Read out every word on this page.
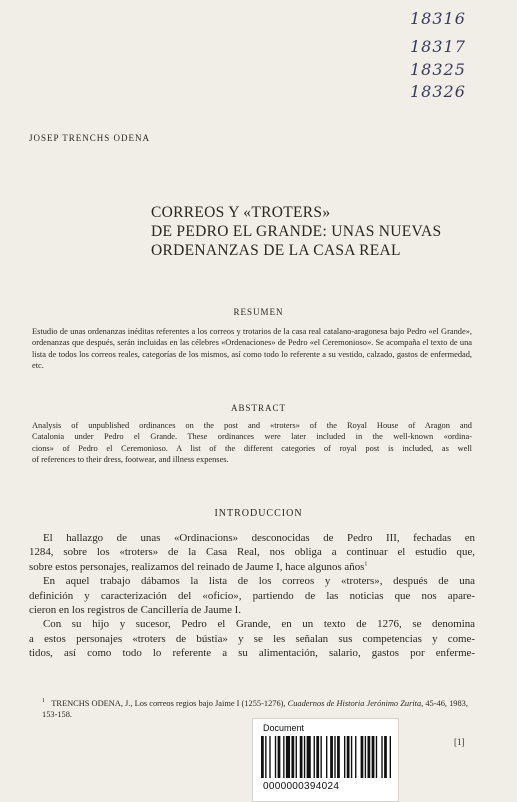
18316
18317
18325
18326

JOSEP TRENCHS ODENA

CORREOS Y «TROTERS»
DE PEDRO EL GRANDE: UNAS NUEVAS
ORDENANZAS DE LA CASA REAL

RESUMEN

Estudio de unas ordenanzas inéditas referentes a los correos y trotarios de la casa real catalano-aragonesa bajo Pedro «el Grande», ordenanzas que después, serán incluidas en las célebres «Ordenaciones» de Pedro «el Ceremonioso». Se acompaña el texto de una lista de todos los correos reales, categorías de los mismos, así como todo lo referente a su vestido, calzado, gastos de enfermedad, etc.

ABSTRACT

Analysis of unpublished ordinances on the post and «troters» of the Royal House of Aragon and
Catalonia under Pedro el Grande. These ordinances were later included in the well-known «ordina-
cions» of Pedro el Ceremonioso. A list of the different categories of royal post is included, as well
of references to their dress, footwear, and illness expenses.

INTRODUCCION

El hallazgo de unas «Ordinacions» desconocidas de Pedro III, fechadas en
1284, sobre los «troters» de la Casa Real, nos obliga a continuar el estudio que,
sobre estos personajes, realizamos del reinado de Jaume I, hace algunos años$^1$
En aquel trabajo dábamos la lista de los correos y «troters», después de una
definición y caracterización del «oficio», partiendo de las noticias que nos apare-
cieron en los registros de Cancillería de Jaume I.
Con su hijo y sucesor, Pedro el Grande, en un texto de 1276, se denomina
a estos personajes «troters de bústia» y se les señalan sus competencias y come-
tidos, así como todo lo referente a su alimentación, salario, gastos por enferme-

$^1$ TRENCHS ODENA, J., Los correos regios bajo Jaime I (1255-1276), Cuadernos de Historia Jerónimo Zurita, 45-46, 1983, 153-158.

[1]

Document
0000000394024
